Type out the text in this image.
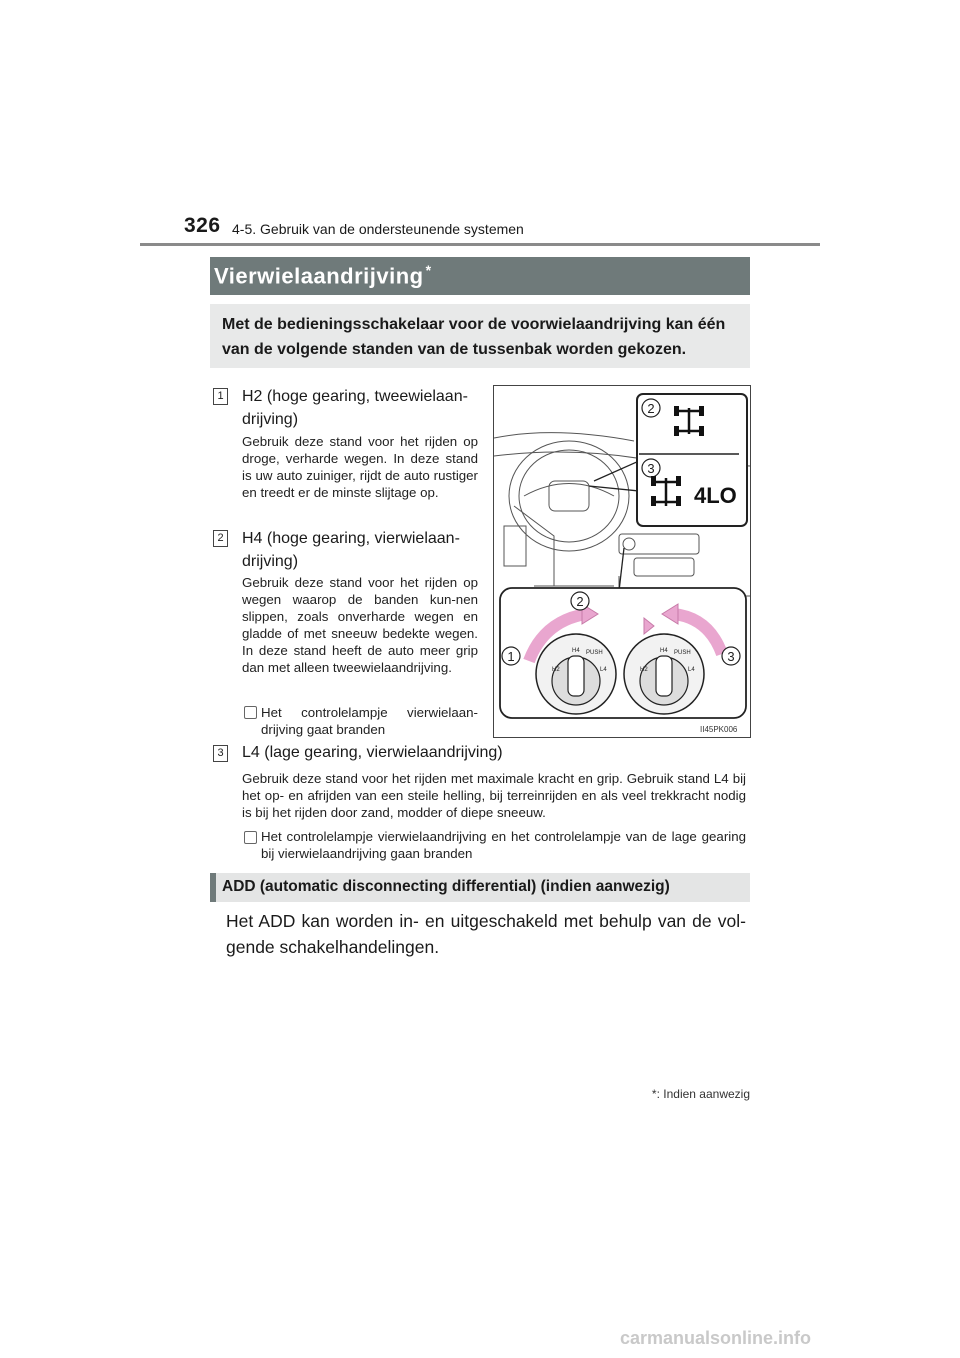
326 4-5. Gebruik van de ondersteunende systemen
Vierwielaandrijving *
Met de bedieningsschakelaar voor de voorwielaandrijving kan één van de volgende standen van de tussenbak worden gekozen.
1 H2 (hoge gearing, tweewielaan-
drijving)
Gebruik deze stand voor het rijden op droge, verharde wegen. In deze stand is uw auto zuiniger, rijdt de auto rustiger en treedt er de minste slijtage op.
2 H4 (hoge gearing, vierwielaan-
drijving)
Gebruik deze stand voor het rijden op wegen waarop de banden kun-nen slippen, zoals onverharde wegen en gladde of met sneeuw bedekte wegen. In deze stand heeft de auto meer grip dan met alleen tweewielaandrijving.
Het controlelampje vierwielaan-drijving gaat branden
2
3
4LO
H2
H4 PUSH
L4	H2
H4 PUSH
L4
1
2
3
II45PK006
3 L4 (lage gearing, vierwielaandrijving)
Gebruik deze stand voor het rijden met maximale kracht en grip. Gebruik stand L4 bij het op- en afrijden van een steile helling, bij terreinrijden en als veel trekkracht nodig is bij het rijden door zand, modder of diepe sneeuw.
Het controlelampje vierwielaandrijving en het controlelampje van de lage gearing bij vierwielaandrijving gaan branden
ADD (automatic disconnecting differential) (indien aanwezig)
Het ADD kan worden in- en uitgeschakeld met behulp van de vol-gende schakelhandelingen.
*: Indien aanwezig
carmanualsonline.info
